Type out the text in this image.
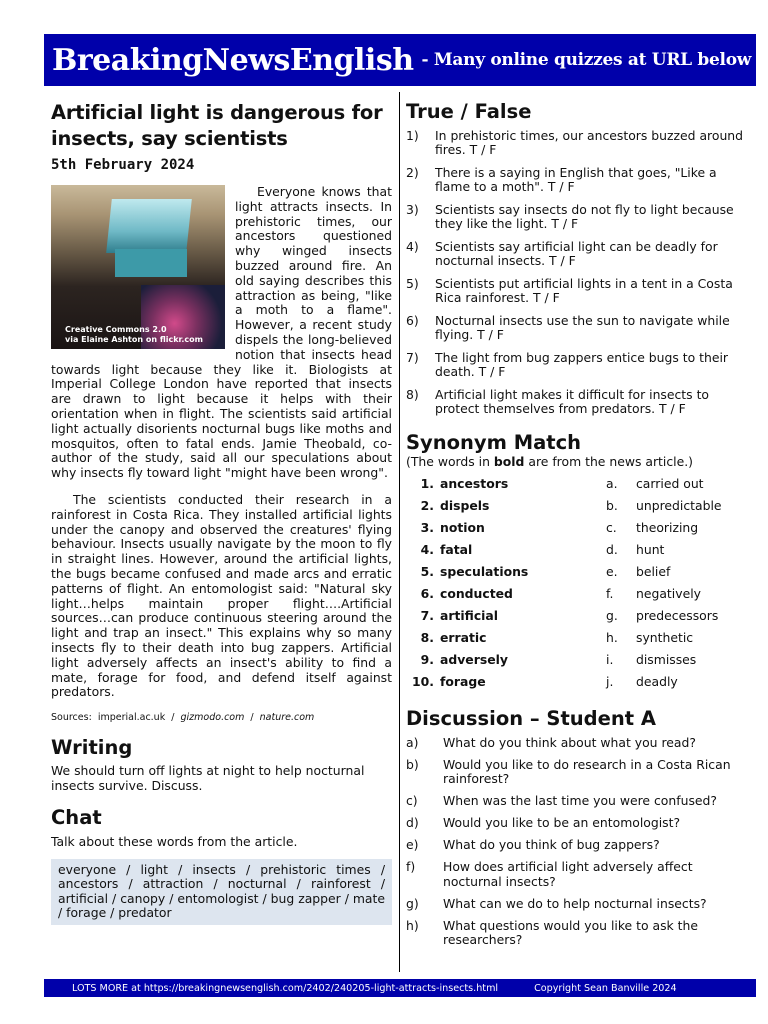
BreakingNewsEnglish - Many online quizzes at URL below
Artificial light is dangerous for insects, say scientists
5th February 2024
Creative Commons 2.0
via Elaine Ashton on flickr.com

Everyone knows that light attracts insects. In prehistoric times, our ancestors questioned why winged insects buzzed around fire. An old saying describes this attraction as being, "like a moth to a flame". However, a recent study dispels the long-believed notion that insects head towards light because they like it. Biologists at Imperial College London have reported that insects are drawn to light because it helps with their orientation when in flight. The scientists said artificial light actually disorients nocturnal bugs like moths and mosquitos, often to fatal ends. Jamie Theobald, co-author of the study, said all our speculations about why insects fly toward light "might have been wrong".

The scientists conducted their research in a rainforest in Costa Rica. They installed artificial lights under the canopy and observed the creatures' flying behaviour. Insects usually navigate by the moon to fly in straight lines. However, around the artificial lights, the bugs became confused and made arcs and erratic patterns of flight. An entomologist said: "Natural sky light…helps maintain proper flight….Artificial sources…can produce continuous steering around the light and trap an insect." This explains why so many insects fly to their death into bug zappers. Artificial light adversely affects an insect's ability to find a mate, forage for food, and defend itself against predators.

Sources: imperial.ac.uk  /  gizmodo.com  /  nature.com
Writing
We should turn off lights at night to help nocturnal insects survive. Discuss.
Chat
Talk about these words from the article.
everyone / light / insects / prehistoric times / ancestors / attraction / nocturnal / rainforest / artificial / canopy / entomologist / bug zapper / mate / forage / predator
True / False
1)	In prehistoric times, our ancestors buzzed around fires. T / F
2)	There is a saying in English that goes, "Like a flame to a moth". T / F
3)	Scientists say insects do not fly to light because they like the light. T / F
4)	Scientists say artificial light can be deadly for nocturnal insects. T / F
5)	Scientists put artificial lights in a tent in a Costa Rica rainforest. T / F
6)	Nocturnal insects use the sun to navigate while flying. T / F
7)	The light from bug zappers entice bugs to their death. T / F
8)	Artificial light makes it difficult for insects to protect themselves from predators. T / F
Synonym Match
(The words in bold are from the news article.)
1. ancestors	a.	carried out
2. dispels	b.	unpredictable
3. notion	c.	theorizing
4. fatal	d.	hunt
5. speculations	e.	belief
6. conducted	f.	negatively
7. artificial	g.	predecessors
8. erratic	h.	synthetic
9. adversely	i.	dismisses
10. forage	j.	deadly
Discussion – Student A
a)	What do you think about what you read?
b)	Would you like to do research in a Costa Rican rainforest?
c)	When was the last time you were confused?
d)	Would you like to be an entomologist?
e)	What do you think of bug zappers?
f)	How does artificial light adversely affect nocturnal insects?
g)	What can we do to help nocturnal insects?
h)	What questions would you like to ask the researchers?
LOTS MORE at https://breakingnewsenglish.com/2402/240205-light-attracts-insects.html	Copyright Sean Banville 2024
